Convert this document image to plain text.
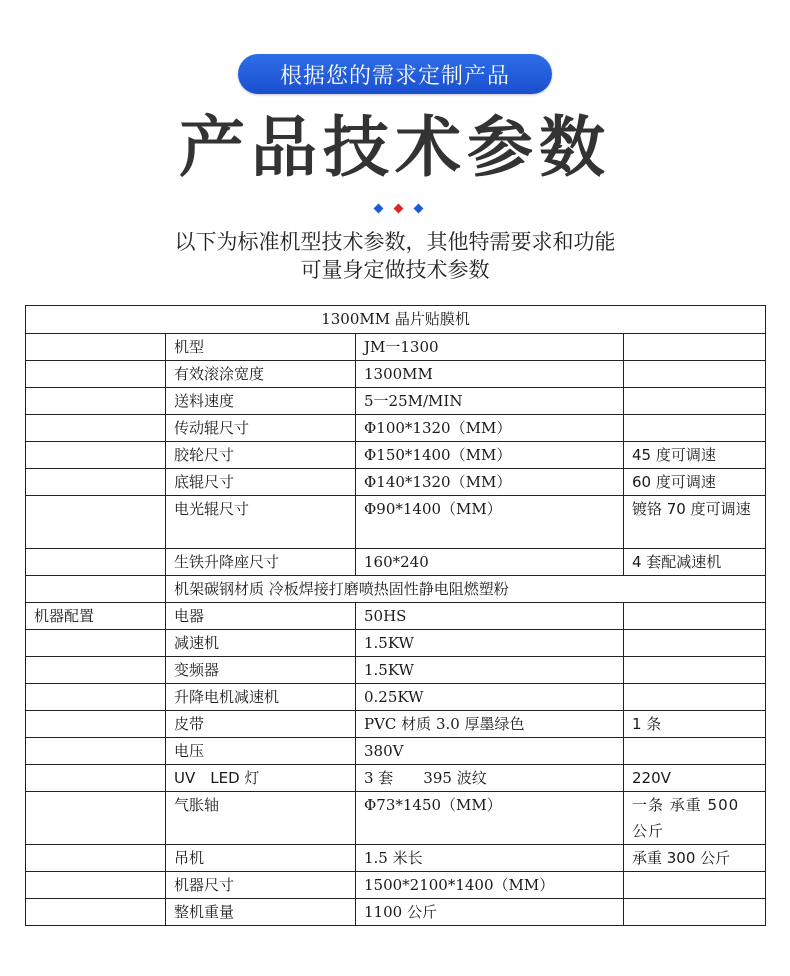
根据您的需求定制产品
产品技术参数
以下为标准机型技术参数，其他特需要求和功能
可量身定做技术参数
1300MM 晶片贴膜机			
	机型	JM一1300	
	有效滚涂宽度	1300MM	
	送料速度	5一25M/MIN	
	传动辊尺寸	Φ100*1320（MM）	
	胶轮尺寸	Φ150*1400（MM）	45 度可调速
	底辊尺寸	Φ140*1320（MM）	60 度可调速
	电光辊尺寸	Φ90*1400（MM）	镀铬 70 度可调速
	生铁升降座尺寸	160*240	4 套配减速机
	机架碳钢材质 冷板焊接打磨喷热固性静电阻燃塑粉		
机器配置	电器	50HS	
	减速机	1.5KW	
	变频器	1.5KW	
	升降电机减速机	0.25KW	
	皮带	PVC 材质 3.0 厚墨绿色	1 条
	电压	380V	
	UV　LED 灯	3 套　　395 波纹	220V
	气胀轴	Φ73*1450（MM）	一条 承重 500 公斤
	吊机	1.5 米长	承重 300 公斤
	机器尺寸	1500*2100*1400（MM）	
	整机重量	1100 公斤	
